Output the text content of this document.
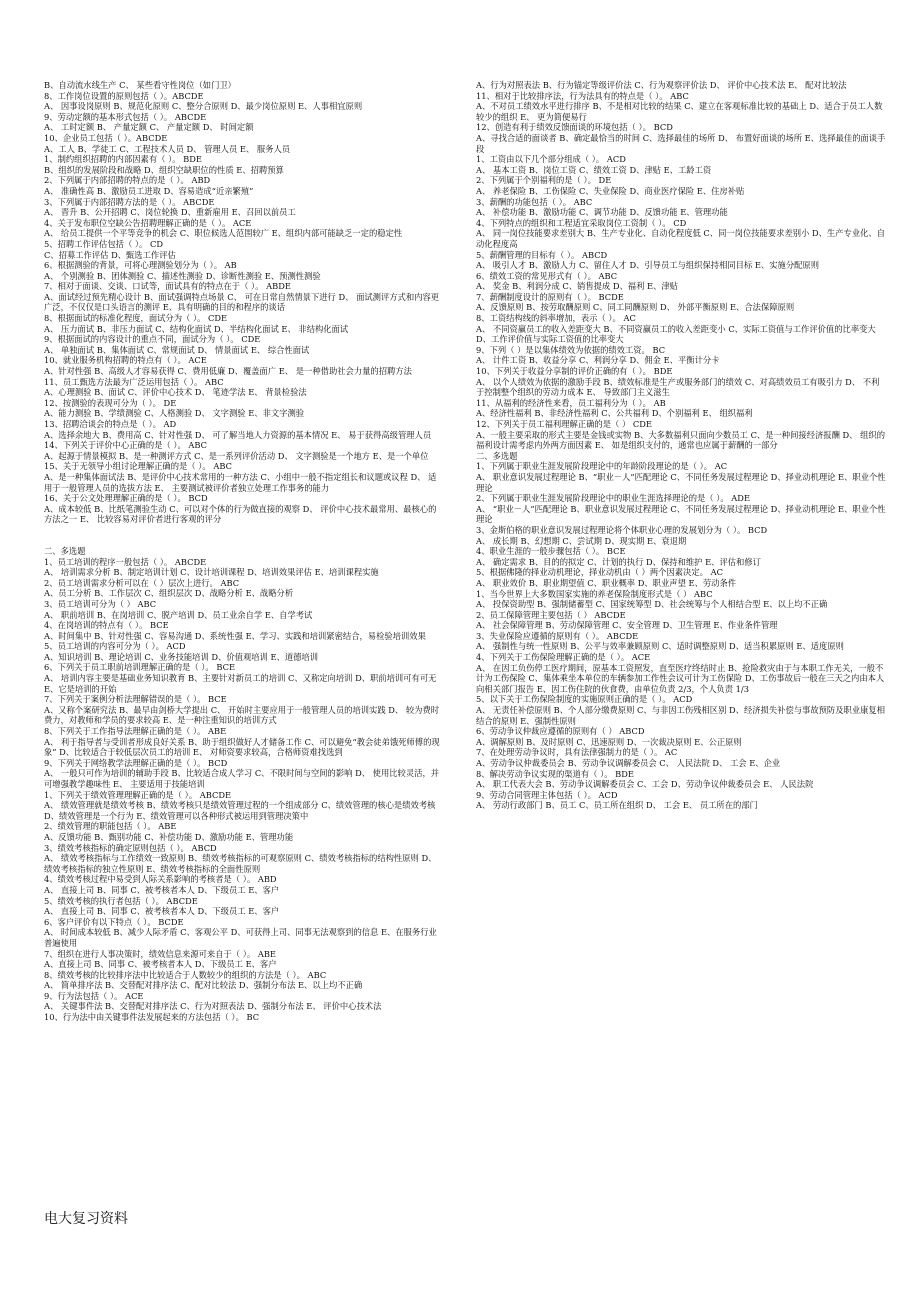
B、自动流水线生产 C、 某些看守性岗位（如门卫）
8、工作岗位设置的原则包括（ ）。ABCDE
A、 因事设岗原则 B、规范化原则 C、整分合原则 D、最少岗位原则 E、人事相宜原则
9、劳动定额的基本形式包括（ ）。 ABCDE
A、 工时定额 B、 产量定额 C、 产量定额 D、 时间定额
10、企业员工包括（ ）。ABCDE
A、工人 B、学徒工 C、工程技术人员 D、 管理人员 E、 服务人员
1、制约组织招聘的内部因素有（ ）。 BDE
B、组织的发展阶段和战略 D、组织空缺职位的性质 E、招聘预算
2、下列属于内部招聘的特点的是（ ）。 ABD
A、 准确性高 B、激励员工进取 D、容易造成“近亲繁殖”
3、下列属于内部招聘方法的是（ ）。 ABCDE
A、 晋升 B、公开招聘 C、岗位轮换 D、重新雇用 E、召回以前员工
4、关于发布职位空缺公告招聘理解正确的是（ ）。 ACE
A、 给员工提供一个平等竞争的机会 C、职位候选人范围较广 E、组织内部可能缺乏一定的稳定性
5、招聘工作评估包括（ ）。 CD
C、招募工作评估 D、甄选工作评估
6、根据测验的背景，可将心理测验划分为（ ）。 AB
A、 个别测验 B、团体测验 C、描述性测验 D、诊断性测验 E、预测性测验
7、相对于面谈、交谈、口试等，面试具有的特点在于（ ）。 ABDE
A、面试经过预先精心设计 B、面试强调特点场景 C、 可在日常自然情景下进行 D、 面试测评方式和内容更广泛，不仅仅是口头语言的测评 E、具有明确的目的和程序的谈话
8、根据面试的标准化程度，面试分为（ ）。 CDE
A、 压力面试 B、非压力面试 C、结构化面试 D、半结构化面试 E、 非结构化面试
9、根据面试的内容设计的重点不同，面试分为（ ）。 CDE
A、 单独面试 B、集体面试 C、常规面试 D、 情景面试 E、 综合性面试
10、就业服务机构招聘的特点有（ ）。 ACE
A、针对性强 B、高级人才容易获得 C、费用低廉 D、覆盖面广 E、 是一种借助社会力量的招聘方法
11、员工甄选方法最为广泛运用包括（ ）。 ABC
A、心理测验 B、面试 C、评价中心技术 D、 笔迹学法 E、 背景检验法
12、按测验的表现可分为（ ）。 DE
A、能力测验 B、学绩测验 C、人格测验 D、 文字测验 E、非文字测验
13、招聘洽谈会的特点是（ ）。 AD
A、选择余地大 B、费用高 C、针对性强 D、 可了解当地人力资源的基本情况 E、 易于获得高级管理人员
14、下列关于评价中心正确的是（ ）。 ABC
A、起源于情景模拟 B、是一种测评方式 C、是一系列评价活动 D、 文字测验是一个地方 E、是一个单位
15、关于无领导小组讨论理解正确的是（ ）。 ABC
A、是一种集体面试法 B、是评价中心技术常用的一种方法 C、小组中一般不指定组长和议题或议程 D、 适用于一般管理人员的选拔方法 E、 主要测试被评价者独立处理工作事务的能力
16、关于公文处理理解正确的是（ ）。 BCD
A、成本较低 B、比纸笔测验生动 C、可以对个体的行为做直接的观察 D、 评价中心技术最常用、最核心的方法之一 E、 比较容易对评价者进行客观的评分
二、多选题
1、员工培训的程序一般包括（ ）。 ABCDE
A、 培训需求分析 B、制定培训计划 C、设计培训课程 D、培训效果评估 E、培训课程实施
2、员工培训需求分析可以在（ ）层次上进行。 ABC
A、员工分析 B、工作层次 C、组织层次 D、战略分析 E、战略分析
3、员工培训可分为（ ） ABC
A、 职前培训 B、在岗培训 C、脱产培训 D、员工业余自学 E、自学考试
4、在岗培训的特点有（ ）。 BCE
A、时间集中 B、针对性强 C、容易沟通 D、系统性强 E、学习、实践和培训紧密结合，易检验培训效果
5、员工培训的内容可分为（ ）。 ACD
A、知识培训 B、理论培训 C、业务技能培训 D、价值观培训 E、道德培训
6、下列关于员工职前培训理解正确的是（ ）。 BCE
A、 培训内容主要是基础业务知识教育 B、主要针对新员工的培训 C、又称定向培训 D、职前培训可有可无 E、它是培训的开始
7、下列关于案例分析法理解错误的是（ ）。 BCE
A、又称个案研究法 B、最早由剑桥大学提出 C、 开始时主要应用于一般管理人员的培训实践 D、 较为费时费力，对教师和学员的要求较高 E、是一种注重知识的培训方式
8、下列关于工作指导法理解正确的是（ ）。 ABE
A、 利于指导者与受训者形成良好关系 B、助于组织做好人才储备工作 C、可以避免“教会徒弟饿死师傅的现象” D、比较适合于较低层次员工的培训 E、 对师资要求较高，合格师资难找选到
9、下列关于网络教学法理解正确的是（ ）。 BCD
A、 一般只可作为培训的辅助手段 B、比较适合成人学习 C、不限时间与空间的影响 D、 使用比较灵活，并可增强教学趣味性 E、 主要适用于技能培训
1、下列关于绩效管理理解正确的是（ ）。 ABCDE
A、 绩效管理就是绩效考核 B、绩效考核只是绩效管理过程的一个组成部分 C、绩效管理的核心是绩效考核 D、绩效管理是一个行为 E、绩效管理可以各种形式被运用到管理决策中
2、绩效管理的职能包括（ ）。 ABE
A、反馈功能 B、甄别功能 C、补偿功能 D、激励功能 E、管理功能
3、绩效考核指标的确定原则包括（ ）。 ABCD
A、 绩效考核指标与工作绩效一致原则 B、绩效考核指标的可观察原则 C、绩效考核指标的结构性原则 D、 绩效考核指标的独立性原则 E、绩效考核指标的全面性原则
4、绩效考核过程中易受到人际关系影响的考核者是（ ）。 ABD
A、 直接上司 B、同事 C、被考核者本人 D、下级员工 E、客户
5、绩效考核的执行者包括（ ）。 ABCDE
A、 直接上司 B、同事 C、被考核者本人 D、下级员工 E、客户
6、客户评价有以下特点（ ）。 BCDE
A、 时间成本较低 B、减少人际矛盾 C、客观公平 D、可获得上司、同事无法观察到的信息 E、在服务行业普遍使用
7、组织在进行人事决策时，绩效信息来源可来自于（ ）。 ABE
A、直接上司 B、同事 C、被考核者本人 D、下级员工 E、客户
8、绩效考核的比较排序法中比较适合于人数较少的组织的方法是（ ）。 ABC
A、 简单排序法 B、交替配对排序法 C、配对比较法 D、强制分布法 E、以上均不正确
9、行为法包括（ ）。 ACE
A、 关键事件法 B、交替配对排序法 C、行为对照表法 D、强制分布法 E、 评价中心技术法
10、行为法中由关键事件法发展起来的方法包括（ ）。 BC
A、行为对照表法 B、行为锚定等级评价法 C、行为观察评价法 D、 评价中心技术法 E、 配对比较法
11、相对于比较排序法，行为法具有的特点是（ ）。 ABC
A、不对员工绩效水平进行排序 B、不是相对比较的结果 C、建立在客观标准比较的基础上 D、适合于员工人数较少的组织 E、 更为简便易行
12、创造有利于绩效反馈面谈的环境包括（ ）。 BCD
A、寻找合适的面谈者 B、确定最恰当的时间 C、选择最佳的场所 D、 布置好面谈的场所 E、选择最佳的面谈手段
1、工资由以下几个部分组成（ ）。 ACD
A、 基本工资 B、岗位工资 C、绩效工资 D、津贴 E、工龄工资
2、下列属于个别福利的是（ ）。 DE
A、 养老保险 B、工伤保险 C、失业保险 D、商业医疗保险 E、住房补贴
3、薪酬的功能包括（ ）。 ABC
A、 补偿功能 B、激励功能 C、调节功能 D、反馈功能 E、管理功能
4、下列特点的组织和工程适宜采取岗位工资制（ ）。 CD
A、 同一岗位技能要求差别大 B、生产专业化、自动化程度低 C、同一岗位技能要求差别小 D、生产专业化、自动化程度高
5、薪酬管理的目标有（ ）。 ABCD
A、 吸引人才 B、激励人力 C、留住人才 D、引导员工与组织保持相同目标 E、实施分配原则
6、绩效工资的常见形式有（ ）。 ABC
A、 奖金 B、利润分成 C、销售提成 D、福利 E、津贴
7、薪酬制度设计的原则有（ ）。 BCDE
A、反馈原则 B、按劳取酬原则 C、同工同酬原则 D、 外部平衡原则 E、合法保障原则
8、工资结构线的斜率增加，表示（ ）。 AC
A、 不同资赢员工的收入差距变大 B、不同资赢员工的收入差距变小 C、实际工资值与工作评价值的比率变大 D、工作评价值与实际工资值的比率变大
9、下列（ ）是以集体绩效为依据的绩效工资。 BC
A、 计件工资 B、收益分享 C、利润分享 D、佣金 E、平衡计分卡
10、下列关于收益分享制的评价正确的有（ ）。 BDE
A、 以个人绩效为依据的激励手段 B、绩效标准是生产或服务部门的绩效 C、对高绩效员工有吸引力 D、 不利于控制整个组织的劳动力成本 E、 导致部门主义滋生
11、从福利的经济性来看，员工福利分为（ ）。 AB
A、经济性福利 B、非经济性福利 C、公共福利 D、个别福利 E、 组织福利
12、下列关于员工福利理解正确的是（ ） CDE
A、一般主要采取的形式主要是金钱或实物 B、大多数福利只面向少数员工 C、是一种间接经济报酬 D、 组织的福利设计需考虑内外两方面因素 E、 如是组织支付的，通常也应属于薪酬的一部分
二、多选题
1、下列属于职业生涯发展阶段理论中的年龄阶段理论的是（ ）。 AC
A、 职业意识发展过程理论 B、“职业－人”匹配理论 C、不同任务发展过程理论 D、择业动机理论 E、职业个性理论
2、下列属于职业生涯发展阶段理论中的职业生涯选择理论的是（ ）。 ADE
A、 “职业－人”匹配理论 B、职业意识发展过程理论 C、不同任务发展过程理论 D、择业动机理论 E、职业个性理论
3、金斯伯格的职业意识发展过程理论将个体职业心理的发展划分为（ ）。 BCD
A、 成长期 B、幻想期 C、尝试期 D、现实期 E、衰退期
4、职业生涯的一般步骤包括（ ）。 BCE
A、 确定需求 B、目的的拟定 C、计划的执行 D、保持和维护 E、评估和修订
5、根据佛隆的择业动机理论，择业动机由（ ）两个因素决定。 AC
A、 职业效价 B、职业期望值 C、职业概率 D、职业声望 E、劳动条件
1、当今世界上大多数国家实施的养老保险制度形式是（ ） ABC
A、 投保资助型 B、强制储蓄型 C、国家统筹型 D、社会统筹与个人相结合型 E、以上均不正确
2、员工保障管理主要包括（ ） ABCDE
A、 社会保障管理 B、劳动保障管理 C、安全管理 D、卫生管理 E、作业条件管理
3、失业保险应遵循的原则有（ ）。 ABCDE
A、 强制性与统一性原则 B、公平与效率兼顾原则 C、适时调整原则 D、适当积累原则 E、适度原则
4、下列关于工伤保险理解正确的是（ ）。 ACE
A、 在因工负伤停工医疗期间，原基本工资照发，直至医疗终结时止 B、抢险救灾由于与本职工作无关，一般不计为工伤保险 C、集体乘坐本单位的车辆参加工作性会议可计为工伤保险 D、工伤事故后一般在三天之内由本人向相关部门报告 E、因工伤住院的伙食费，由单位负责 2/3，个人负责 1/3
5、以下关于工伤保险制度的实施原则正确的是（ ）。 ACD
A、 无责任补偿原则 B、个人部分缴费原则 C、与非因工伤残相区别 D、经济损失补偿与事故预防及职业康复相结合的原则 E、强制性原则
6、劳动争议仲裁应遵循的原则有（ ） ABCD
A、调解原则 B、及时原则 C、迅速原则 D、一次裁决原则 E、公正原则
7、在处理劳动争议时，具有法律强制力的是（ ）。 AC
A、劳动争议仲裁委员会 B、劳动争议调解委员会 C、 人民法院 D、 工会 E、企业
8、解决劳动争议实现的渠道有（ ）。 BDE
A、 职工代表大会 B、劳动争议调解委员会 C、工会 D、劳动争议仲裁委员会 E、 人民法院
9、劳动合同管理主体包括（ ）。 ACD
A、 劳动行政部门 B、员工 C、员工所在组织 D、 工会 E、 员工所在的部门
电大复习资料
